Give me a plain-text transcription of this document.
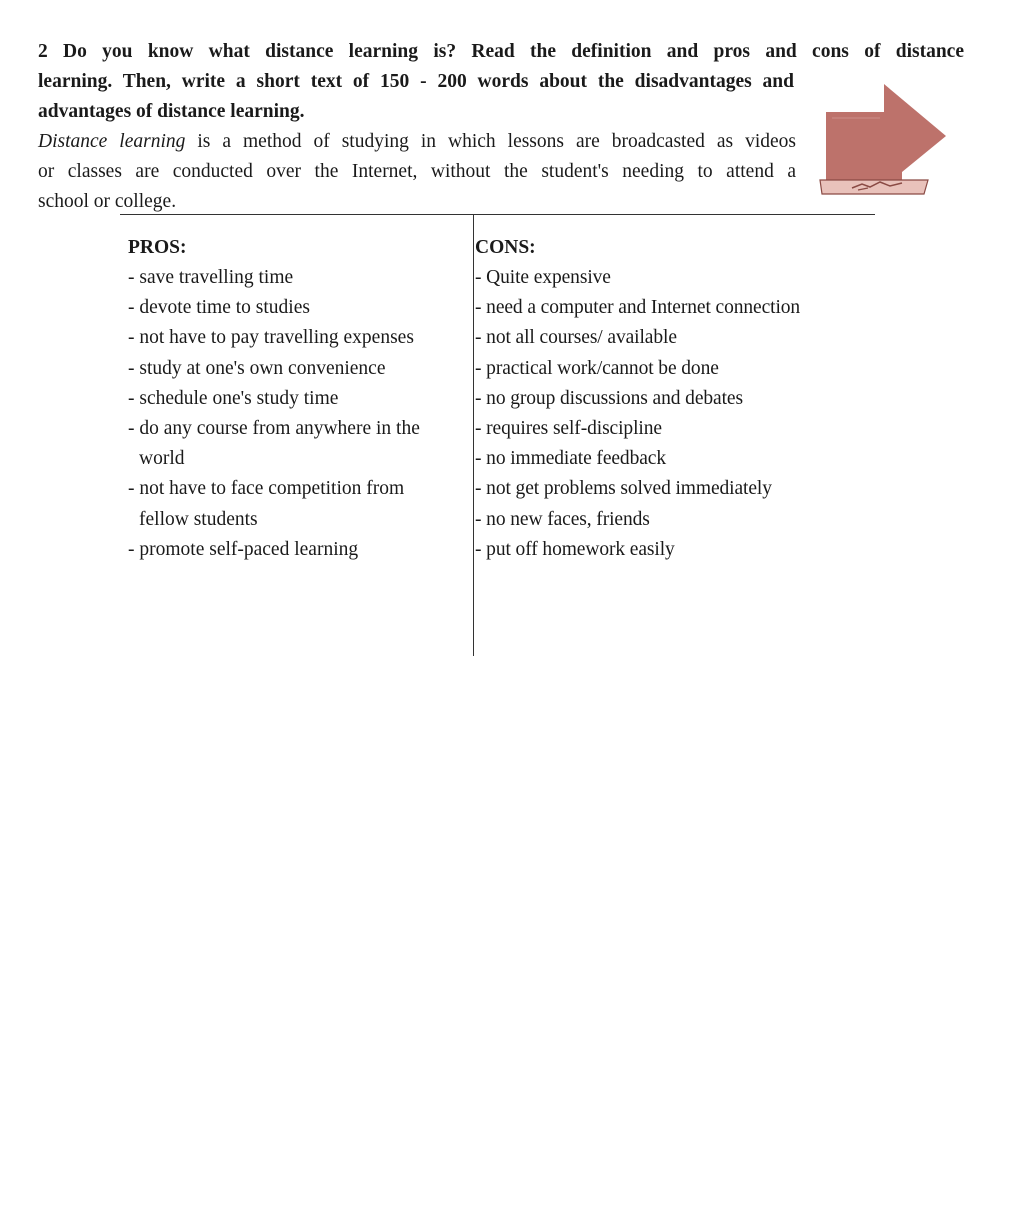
2 Do you know what distance learning is? Read the definition and pros and cons of distance
learning. Then, write a short text of 150 - 200 words about the disadvantages and
advantages of distance learning.
Distance learning is a method of studying in which lessons are broadcasted as videos
or classes are conducted over the Internet, without the student's needing to attend a
school or college.
PROS:
- save travelling time
- devote time to studies
- not have to pay travelling expenses
- study at one's own convenience
- schedule one's study time
- do any course from anywhere in the
world
- not have to face competition from
fellow students
- promote self-paced learning
CONS:
- Quite expensive
- need a computer and Internet connection
- not all courses/ available
- practical work/cannot be done
- no group discussions and debates
- requires self-discipline
- no immediate feedback
- not get problems solved immediately
- no new faces, friends
- put off homework easily
